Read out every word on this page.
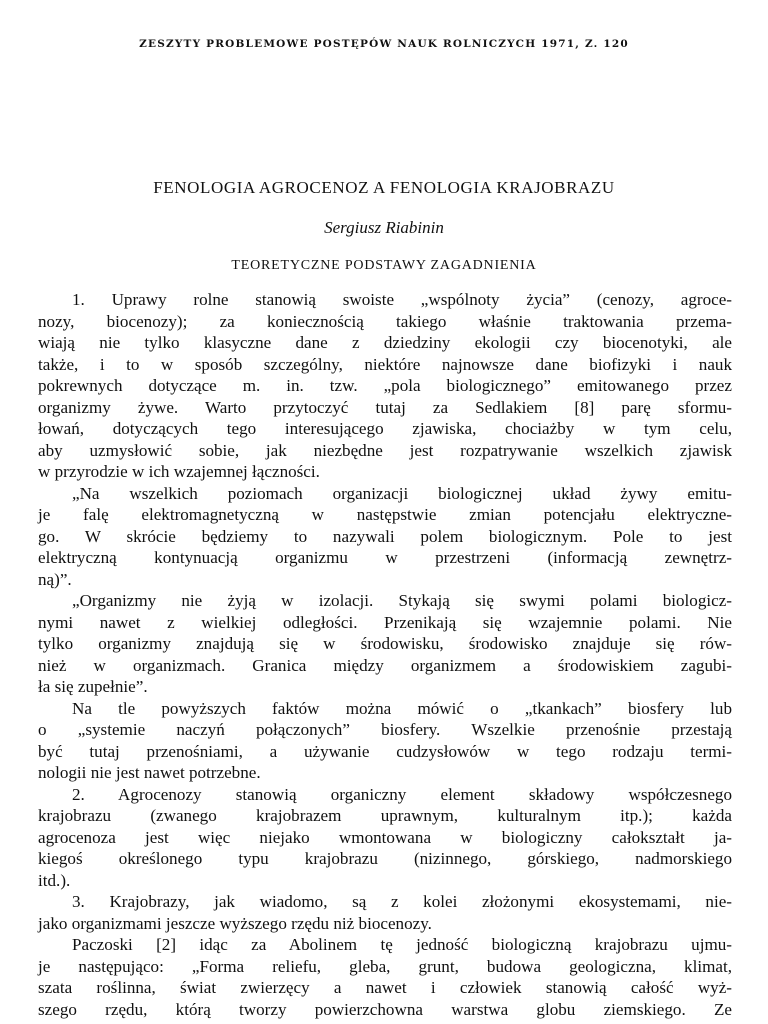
ZESZYTY PROBLEMOWE POSTĘPÓW NAUK ROLNICZYCH 1971, Z. 120
FENOLOGIA AGROCENOZ A FENOLOGIA KRAJOBRAZU
Sergiusz Riabinin
TEORETYCZNE PODSTAWY ZAGADNIENIA
1. Uprawy rolne stanowią swoiste „wspólnoty życia” (cenozy, agroce-
nozy, biocenozy); za koniecznością takiego właśnie traktowania przema-
wiają nie tylko klasyczne dane z dziedziny ekologii czy biocenotyki, ale
także, i to w sposób szczególny, niektóre najnowsze dane biofizyki i nauk
pokrewnych dotyczące m. in. tzw. „pola biologicznego” emitowanego przez
organizmy żywe. Warto przytoczyć tutaj za Sedlakiem [8] parę sformu-
łowań, dotyczących tego interesującego zjawiska, chociażby w tym celu,
aby uzmysłowić sobie, jak niezbędne jest rozpatrywanie wszelkich zjawisk
w przyrodzie w ich wzajemnej łączności.
„Na wszelkich poziomach organizacji biologicznej układ żywy emitu-
je falę elektromagnetyczną w następstwie zmian potencjału elektryczne-
go. W skrócie będziemy to nazywali polem biologicznym. Pole to jest
elektryczną kontynuacją organizmu w przestrzeni (informacją zewnętrz-
ną)”.
„Organizmy nie żyją w izolacji. Stykają się swymi polami biologicz-
nymi nawet z wielkiej odległości. Przenikają się wzajemnie polami. Nie
tylko organizmy znajdują się w środowisku, środowisko znajduje się rów-
nież w organizmach. Granica między organizmem a środowiskiem zagubi-
ła się zupełnie”.
Na tle powyższych faktów można mówić o „tkankach” biosfery lub
o „systemie naczyń połączonych” biosfery. Wszelkie przenośnie przestają
być tutaj przenośniami, a używanie cudzysłowów w tego rodzaju termi-
nologii nie jest nawet potrzebne.
2. Agrocenozy stanowią organiczny element składowy współczesnego
krajobrazu (zwanego krajobrazem uprawnym, kulturalnym itp.); każda
agrocenoza jest więc niejako wmontowana w biologiczny całokształt ja-
kiegoś określonego typu krajobrazu (nizinnego, górskiego, nadmorskiego
itd.).
3. Krajobrazy, jak wiadomo, są z kolei złożonymi ekosystemami, nie-
jako organizmami jeszcze wyższego rzędu niż biocenozy.
Paczoski [2] idąc za Abolinem tę jedność biologiczną krajobrazu ujmu-
je następująco: „Forma reliefu, gleba, grunt, budowa geologiczna, klimat,
szata roślinna, świat zwierzęcy a nawet i człowiek stanowią całość wyż-
szego rzędu, którą tworzy powierzchowna warstwa globu ziemskiego. Ze
